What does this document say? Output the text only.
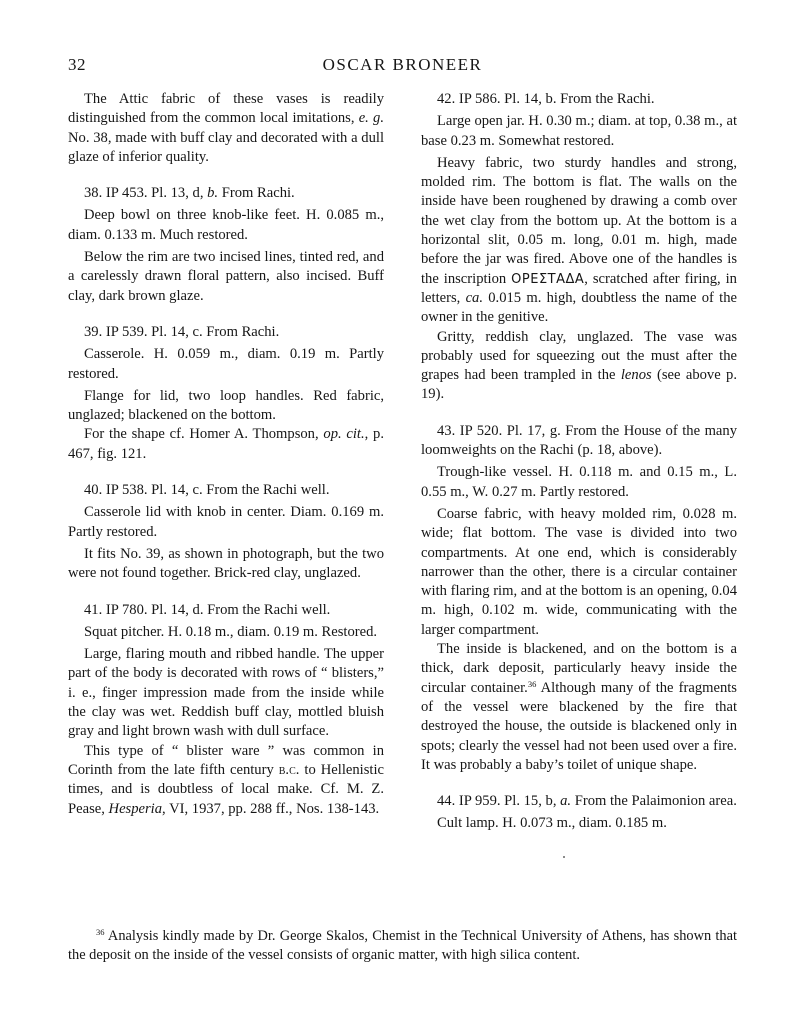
32	OSCAR BRONEER

The Attic fabric of these vases is readily distinguished from the common local imitations, e. g. No. 38, made with buff clay and decorated with a dull glaze of inferior quality.

38. IP 453. Pl. 13, d, b. From Rachi.

Deep bowl on three knob-like feet. H. 0.085 m., diam. 0.133 m. Much restored.

Below the rim are two incised lines, tinted red, and a carelessly drawn floral pattern, also incised. Buff clay, dark brown glaze.

39. IP 539. Pl. 14, c. From Rachi.

Casserole. H. 0.059 m., diam. 0.19 m. Partly restored.

Flange for lid, two loop handles. Red fabric, unglazed; blackened on the bottom.

For the shape cf. Homer A. Thompson, op. cit., p. 467, fig. 121.

40. IP 538. Pl. 14, c. From the Rachi well.

Casserole lid with knob in center. Diam. 0.169 m. Partly restored.

It fits No. 39, as shown in photograph, but the two were not found together. Brick-red clay, unglazed.

41. IP 780. Pl. 14, d. From the Rachi well.

Squat pitcher. H. 0.18 m., diam. 0.19 m. Restored.

Large, flaring mouth and ribbed handle. The upper part of the body is decorated with rows of “ blisters,” i. e., finger impression made from the inside while the clay was wet. Reddish buff clay, mottled bluish gray and light brown wash with dull surface.

This type of “ blister ware ” was common in Corinth from the late fifth century b.c. to Hellenistic times, and is doubtless of local make. Cf. M. Z. Pease, Hesperia, VI, 1937, pp. 288 ff., Nos. 138-143.

42. IP 586. Pl. 14, b. From the Rachi.

Large open jar. H. 0.30 m.; diam. at top, 0.38 m., at base 0.23 m. Somewhat restored.

Heavy fabric, two sturdy handles and strong, molded rim. The bottom is flat. The walls on the inside have been roughened by drawing a comb over the wet clay from the bottom up. At the bottom is a horizontal slit, 0.05 m. long, 0.01 m. high, made before the jar was fired. Above one of the handles is the inscription ΟΡΕΣΤΑΔΑ, scratched after firing, in letters, ca. 0.015 m. high, doubtless the name of the owner in the genitive.

Gritty, reddish clay, unglazed. The vase was probably used for squeezing out the must after the grapes had been trampled in the lenos (see above p. 19).

43. IP 520. Pl. 17, g. From the House of the many loomweights on the Rachi (p. 18, above).

Trough-like vessel. H. 0.118 m. and 0.15 m., L. 0.55 m., W. 0.27 m. Partly restored.

Coarse fabric, with heavy molded rim, 0.028 m. wide; flat bottom. The vase is divided into two compartments. At one end, which is considerably narrower than the other, there is a circular container with flaring rim, and at the bottom is an opening, 0.04 m. high, 0.102 m. wide, communicating with the larger compartment.

The inside is blackened, and on the bottom is a thick, dark deposit, particularly heavy inside the circular container.$^{36}$ Although many of the fragments of the vessel were blackened by the fire that destroyed the house, the outside is blackened only in spots; clearly the vessel had not been used over a fire. It was probably a baby’s toilet of unique shape.

44. IP 959. Pl. 15, b, a. From the Palaimonion area.

Cult lamp. H. 0.073 m., diam. 0.185 m.

$^{36}$ Analysis kindly made by Dr. George Skalos, Chemist in the Technical University of Athens, has shown that the deposit on the inside of the vessel consists of organic matter, with high silica content.
